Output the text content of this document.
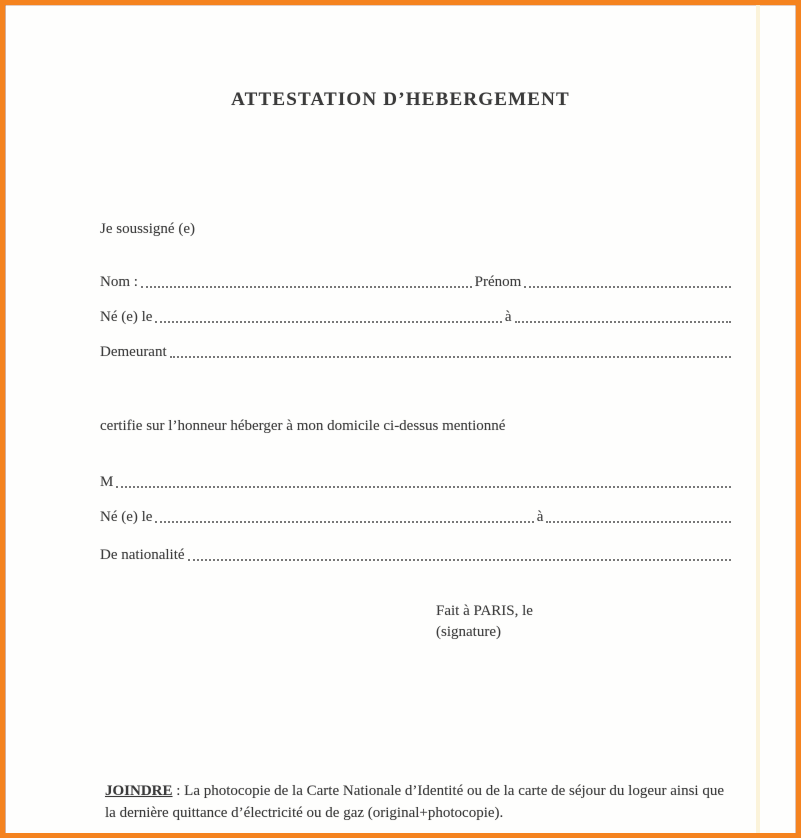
ATTESTATION D’HEBERGEMENT
Je soussigné (e)
Nom :	Prénom
Né (e) le	à
Demeurant
certifie sur l’honneur héberger à mon domicile ci-dessus mentionné
M
Né (e) le	à
De nationalité
Fait à PARIS, le
(signature)

JOINDRE : La photocopie de la Carte Nationale d’Identité ou de la carte de séjour du logeur ainsi que la dernière quittance d’électricité ou de gaz (original+photocopie).
